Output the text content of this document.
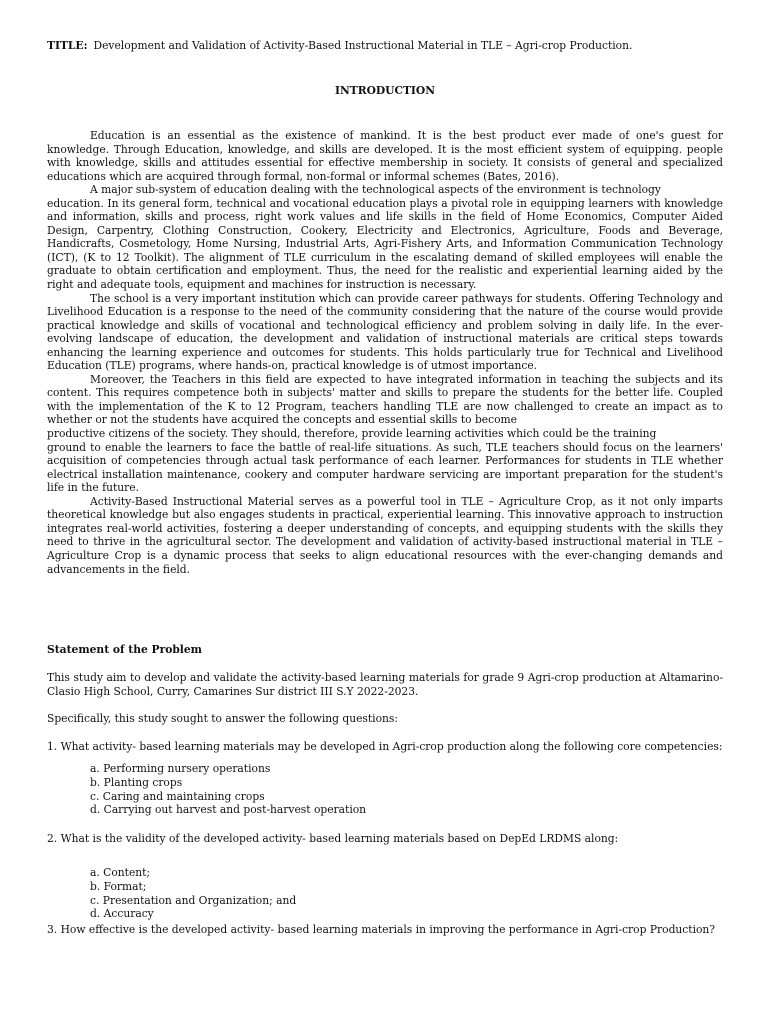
TITLE: Development and Validation of Activity-Based Instructional Material in TLE – Agri-crop Production.
INTRODUCTION

Education is an essential as the existence of mankind. It is the best product ever made of one's guest for knowledge. Through Education, knowledge, and skills are developed. It is the most efficient system of equipping. people with knowledge, skills and attitudes essential for effective membership in society. It consists of general and specialized educations which are acquired through formal, non-formal or informal schemes (Bates, 2016).

A major sub-system of education dealing with the technological aspects of the environment is technology

education. In its general form, technical and vocational education plays a pivotal role in equipping learners with knowledge and information, skills and process, right work values and life skills in the field of Home Economics, Computer Aided Design, Carpentry, Clothing Construction, Cookery, Electricity and Electronics, Agriculture, Foods and Beverage, Handicrafts, Cosmetology, Home Nursing, Industrial Arts, Agri-Fishery Arts, and Information Communication Technology (ICT), (K to 12 Toolkit). The alignment of TLE curriculum in the escalating demand of skilled employees will enable the graduate to obtain certification and employment. Thus, the need for the realistic and experiential learning aided by the right and adequate tools, equipment and machines for instruction is necessary.

The school is a very important institution which can provide career pathways for students. Offering Technology and Livelihood Education is a response to the need of the community considering that the nature of the course would provide practical knowledge and skills of vocational and technological efficiency and problem solving in daily life. In the ever-evolving landscape of education, the development and validation of instructional materials are critical steps towards enhancing the learning experience and outcomes for students. This holds particularly true for Technical and Livelihood Education (TLE) programs, where hands-on, practical knowledge is of utmost importance.

Moreover, the Teachers in this field are expected to have integrated information in teaching the subjects and its content. This requires competence both in subjects' matter and skills to prepare the students for the better life. Coupled with the implementation of the K to 12 Program, teachers handling TLE are now challenged to create an impact as to whether or not the students have acquired the concepts and essential skills to become

productive citizens of the society. They should, therefore, provide learning activities which could be the training

ground to enable the learners to face the battle of real-life situations. As such, TLE teachers should focus on the learners' acquisition of competencies through actual task performance of each learner. Performances for students in TLE whether electrical installation maintenance, cookery and computer hardware servicing are important preparation for the student's life in the future.

Activity-Based Instructional Material serves as a powerful tool in TLE – Agriculture Crop, as it not only imparts theoretical knowledge but also engages students in practical, experiential learning. This innovative approach to instruction integrates real-world activities, fostering a deeper understanding of concepts, and equipping students with the skills they need to thrive in the agricultural sector. The development and validation of activity-based instructional material in TLE – Agriculture Crop is a dynamic process that seeks to align educational resources with the ever-changing demands and advancements in the field.

Statement of the Problem
This study aim to develop and validate the activity-based learning materials for grade 9 Agri-crop production at Altamarino-Clasio High School, Curry, Camarines Sur district III S.Y 2022-2023.
Specifically, this study sought to answer the following questions:
1. What activity- based learning materials may be developed in Agri-crop production along the following core competencies:
a. Performing nursery operations
b. Planting crops
c. Caring and maintaining crops
d. Carrying out harvest and post-harvest operation
2. What is the validity of the developed activity- based learning materials based on DepEd LRDMS along:
a. Content;
b. Format;
c. Presentation and Organization; and
d. Accuracy
3. How effective is the developed activity- based learning materials in improving the performance in Agri-crop Production?
